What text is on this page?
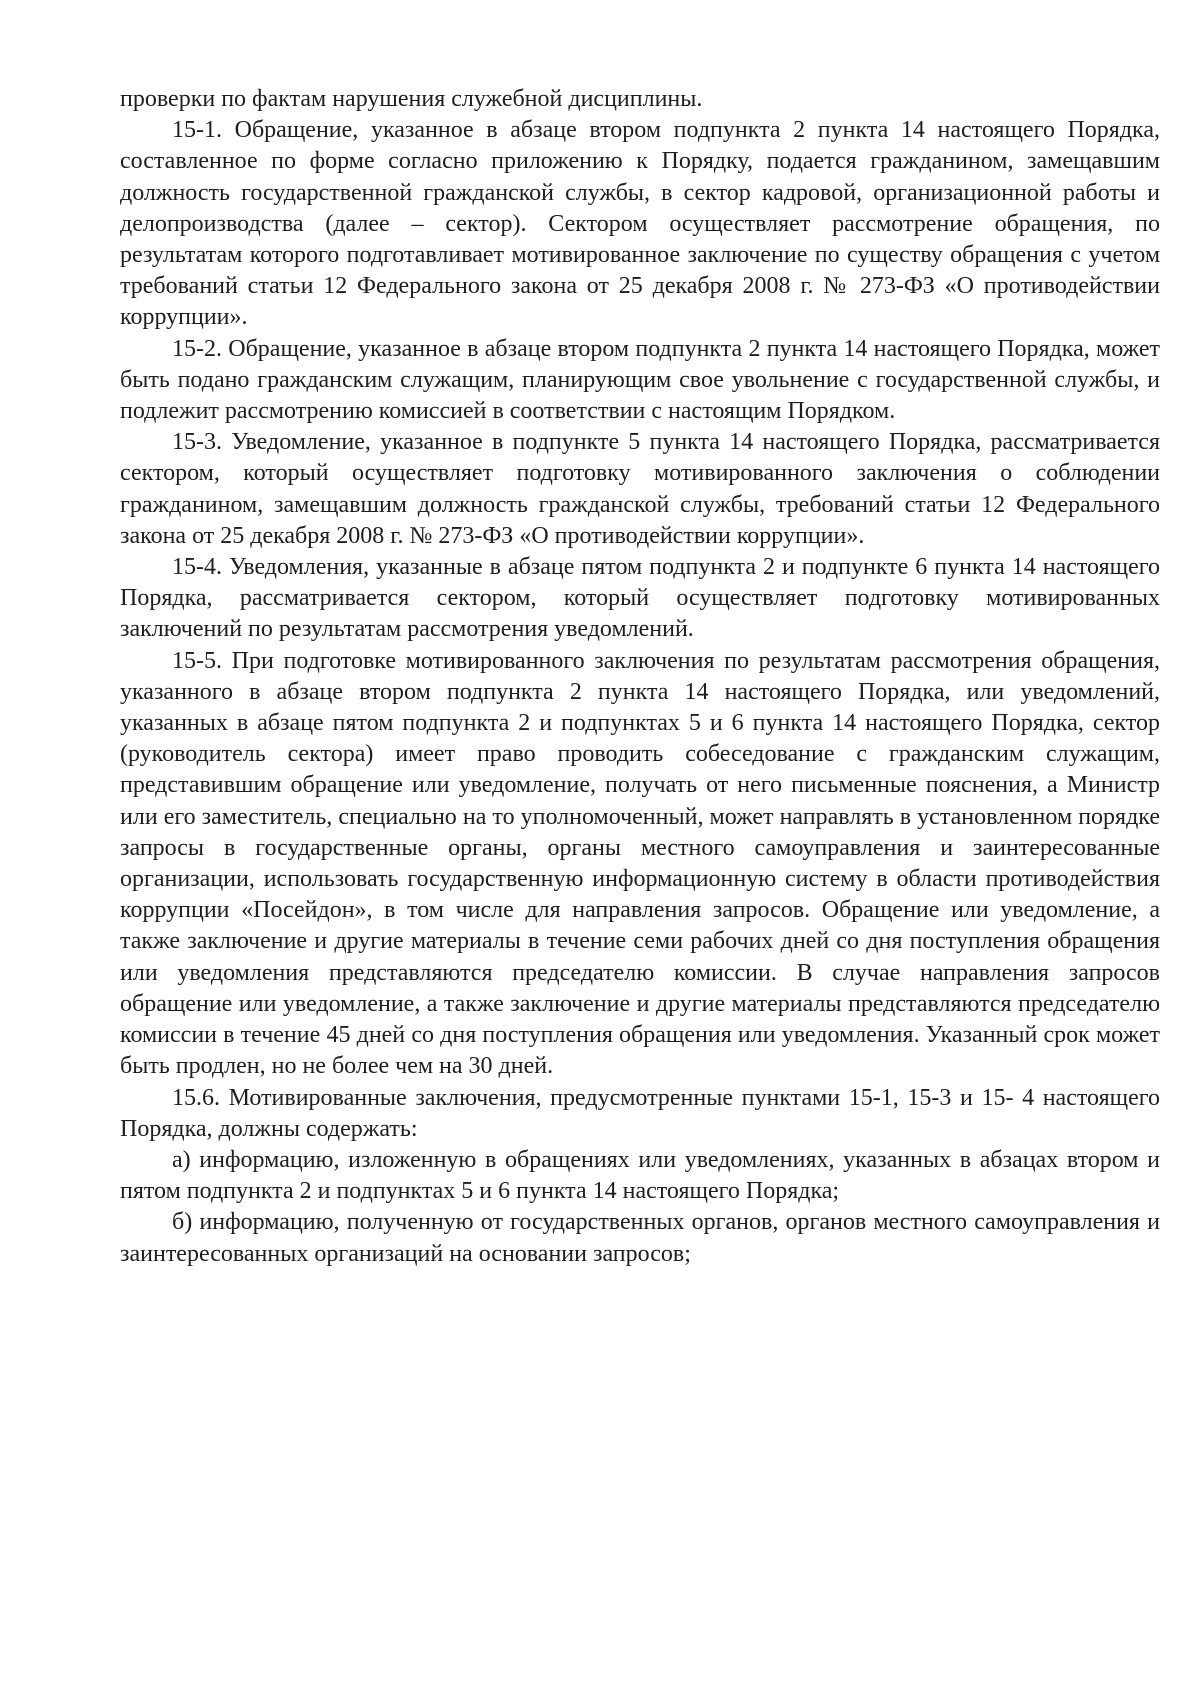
проверки по фактам нарушения служебной дисциплины.

15-1. Обращение, указанное в абзаце втором подпункта 2 пункта 14 настоящего Порядка, составленное по форме согласно приложению к Порядку, подается гражданином, замещавшим должность государственной гражданской службы, в сектор кадровой, организационной работы и делопроизводства (далее – сектор). Сектором осуществляет рассмотрение обращения, по результатам которого подготавливает мотивированное заключение по существу обращения с учетом требований статьи 12 Федерального закона от 25 декабря 2008 г. № 273-ФЗ «О противодействии коррупции».

15-2. Обращение, указанное в абзаце втором подпункта 2 пункта 14 настоящего Порядка, может быть подано гражданским служащим, планирующим свое увольнение с государственной службы, и подлежит рассмотрению комиссией в соответствии с настоящим Порядком.

15-3. Уведомление, указанное в подпункте 5 пункта 14 настоящего Порядка, рассматривается сектором, который осуществляет подготовку мотивированного заключения о соблюдении гражданином, замещавшим должность гражданской службы, требований статьи 12 Федерального закона от 25 декабря 2008 г. № 273-ФЗ «О противодействии коррупции».

15-4. Уведомления, указанные в абзаце пятом подпункта 2 и подпункте 6 пункта 14 настоящего Порядка, рассматривается сектором, который осуществляет подготовку мотивированных заключений по результатам рассмотрения уведомлений.

15-5. При подготовке мотивированного заключения по результатам рассмотрения обращения, указанного в абзаце втором подпункта 2 пункта 14 настоящего Порядка, или уведомлений, указанных в абзаце пятом подпункта 2 и подпунктах 5 и 6 пункта 14 настоящего Порядка, сектор (руководитель сектора) имеет право проводить собеседование с гражданским служащим, представившим обращение или уведомление, получать от него письменные пояснения, а Министр или его заместитель, специально на то уполномоченный, может направлять в установленном порядке запросы в государственные органы, органы местного самоуправления и заинтересованные организации, использовать государственную информационную систему в области противодействия коррупции «Посейдон», в том числе для направления запросов. Обращение или уведомление, а также заключение и другие материалы в течение семи рабочих дней со дня поступления обращения или уведомления представляются председателю комиссии. В случае направления запросов обращение или уведомление, а также заключение и другие материалы представляются председателю комиссии в течение 45 дней со дня поступления обращения или уведомления. Указанный срок может быть продлен, но не более чем на 30 дней.

15.6. Мотивированные заключения, предусмотренные пунктами 15-1, 15-3 и 15- 4 настоящего Порядка, должны содержать:

а) информацию, изложенную в обращениях или уведомлениях, указанных в абзацах втором и пятом подпункта 2 и подпунктах 5 и 6 пункта 14 настоящего Порядка;

б) информацию, полученную от государственных органов, органов местного самоуправления и заинтересованных организаций на основании запросов;
